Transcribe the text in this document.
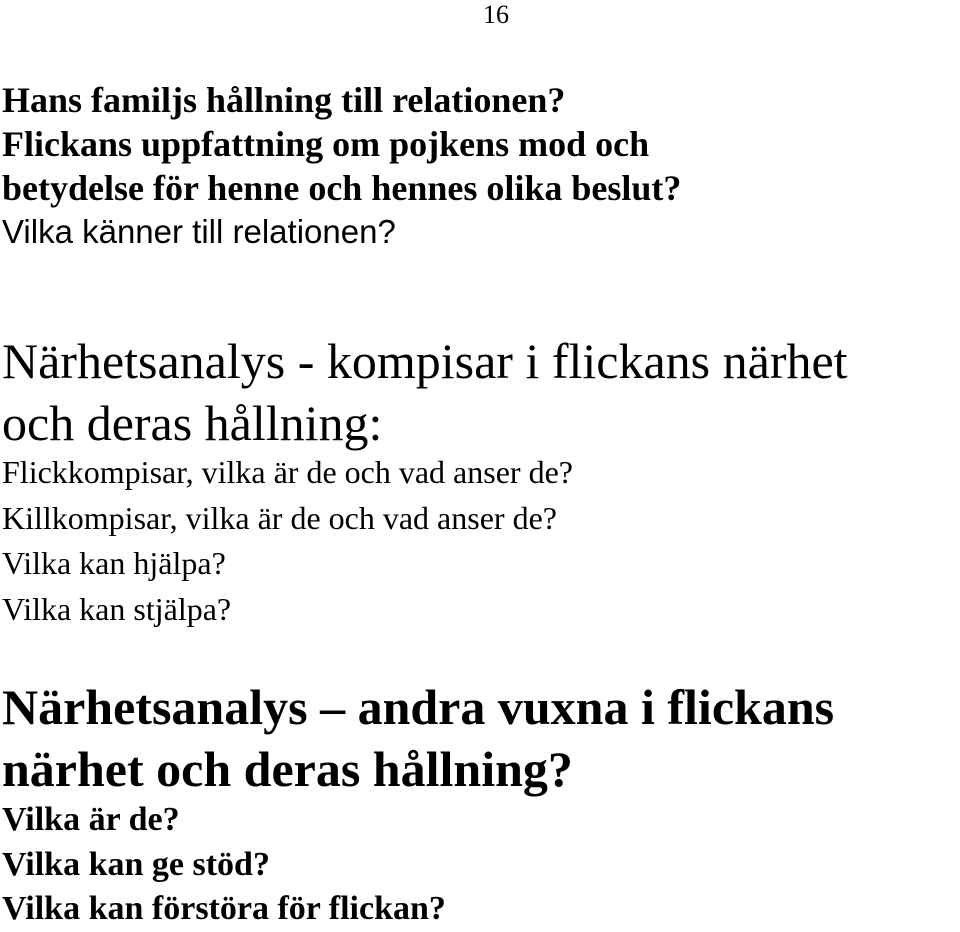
16
Hans familjs hållning till relationen?
Flickans uppfattning om pojkens mod och
betydelse för henne och hennes olika beslut?
Vilka känner till relationen?
Närhetsanalys - kompisar i flickans närhet
och deras hållning:
Flickkompisar, vilka är de och vad anser de?
Killkompisar, vilka är de och vad anser de?
Vilka kan hjälpa?
Vilka kan stjälpa?
Närhetsanalys – andra vuxna i flickans
närhet och deras hållning?
Vilka är de?
Vilka kan ge stöd?
Vilka kan förstöra för flickan?
